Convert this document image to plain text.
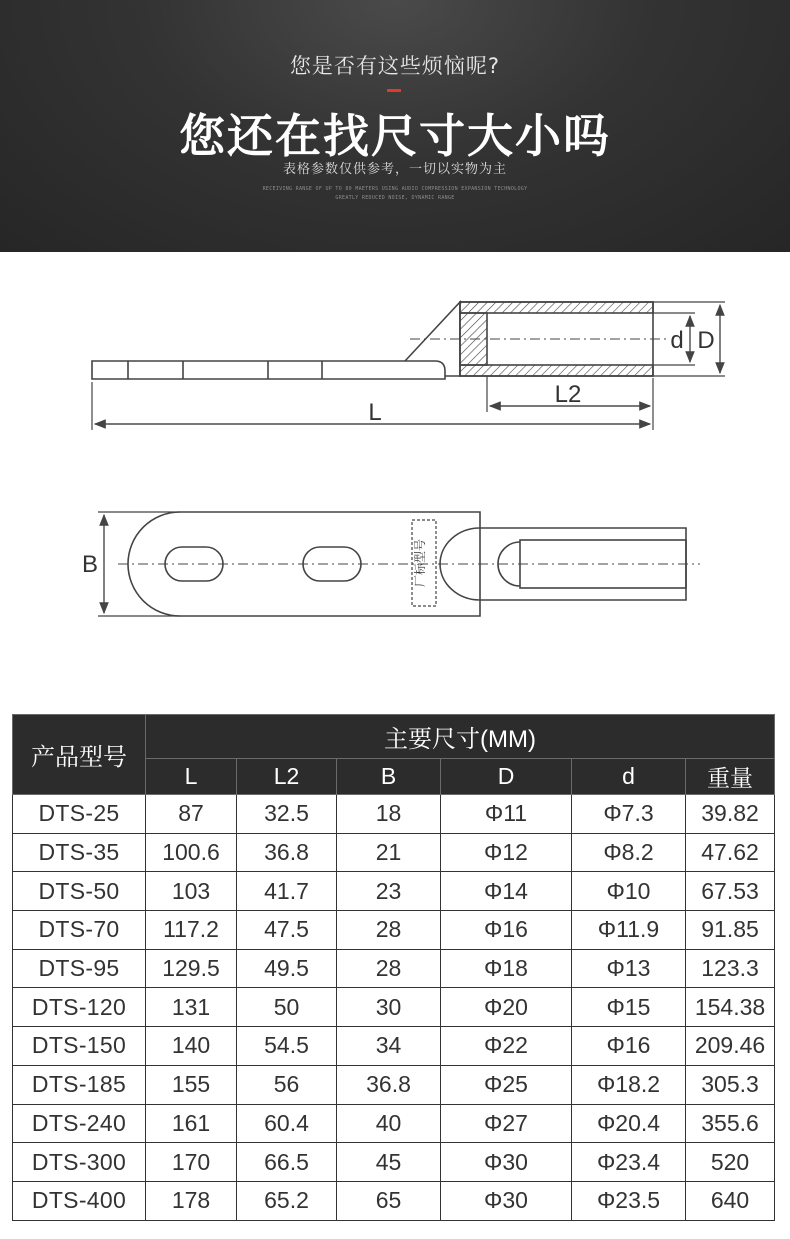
您是否有这些烦恼呢?
您还在找尺寸大小吗
表格参数仅供参考，一切以实物为主
RECEIVING RANGE OF UP TO 80 MAETERS USING AUDIO COMPRESSION EXPANSION TECHNOLOGY
GREATLY REDUCED NOISE, DYNAMIC RANGE
L
L2
d D
厂标型号
B
产品型号	主要尺寸(MM)					
	L	L2	B	D	d	重量
DTS-25	87	32.5	18	Φ11	Φ7.3	39.82
DTS-35	100.6	36.8	21	Φ12	Φ8.2	47.62
DTS-50	103	41.7	23	Φ14	Φ10	67.53
DTS-70	117.2	47.5	28	Φ16	Φ11.9	91.85
DTS-95	129.5	49.5	28	Φ18	Φ13	123.3
DTS-120	131	50	30	Φ20	Φ15	154.38
DTS-150	140	54.5	34	Φ22	Φ16	209.46
DTS-185	155	56	36.8	Φ25	Φ18.2	305.3
DTS-240	161	60.4	40	Φ27	Φ20.4	355.6
DTS-300	170	66.5	45	Φ30	Φ23.4	520
DTS-400	178	65.2	65	Φ30	Φ23.5	640
